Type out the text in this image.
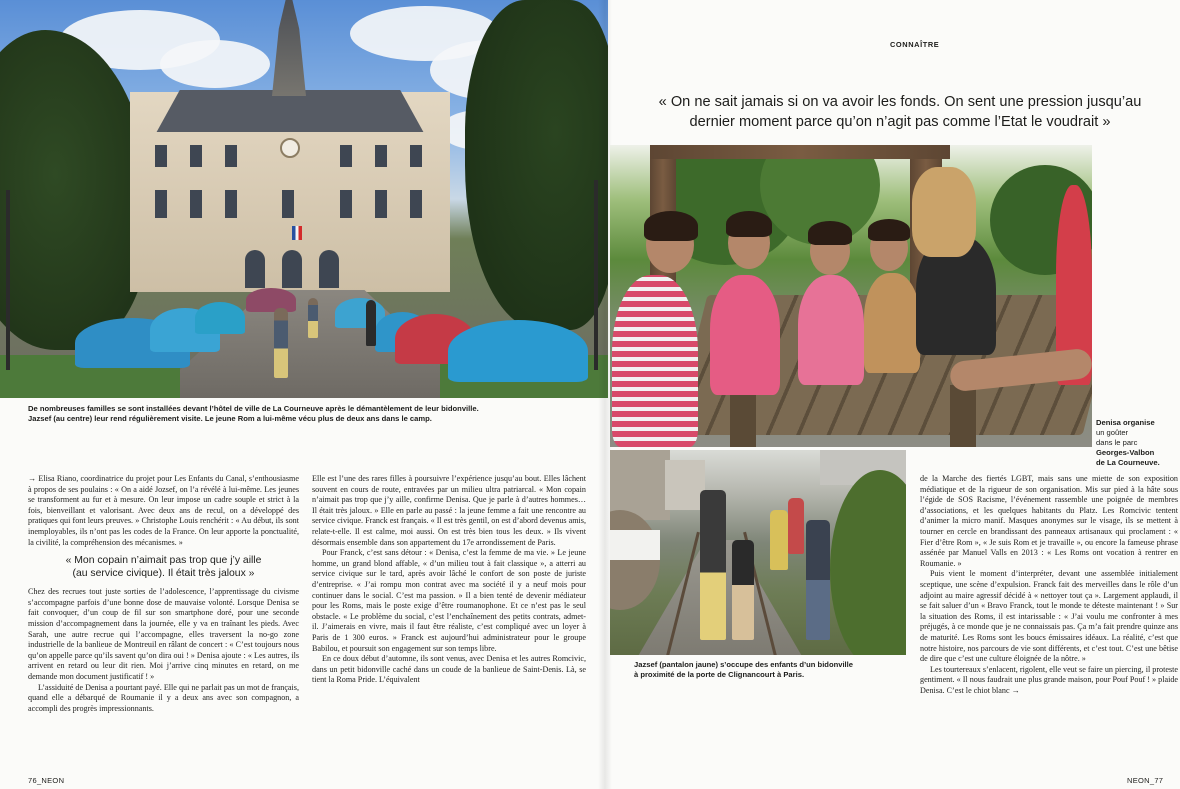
De nombreuses familles se sont installées devant l’hôtel de ville de La Courneuve après le démantèlement de leur bidonville.
Jazsef (au centre) leur rend régulièrement visite. Le jeune Rom a lui-même vécu plus de deux ans dans le camp.

→ Elisa Riano, coordinatrice du projet pour Les Enfants du Canal, s’enthousiasme à propos de ses poulains : « On a aidé Jozsef, on l’a révélé à lui-même. Les jeunes se transforment au fur et à mesure. On leur impose un cadre souple et strict à la fois, bienveillant et valorisant. Avec deux ans de recul, on a développé des pratiques qui font leurs preuves. » Christophe Louis renchérit : « Au début, ils sont inemployables, ils n’ont pas les codes de la France. On leur apporte la ponctualité, la civilité, la compréhension des mécanismes. »

« Mon copain n’aimait pas trop que j’y aille
(au service civique). Il était très jaloux »

Chez des recrues tout juste sorties de l’adolescence, l’apprentissage du civisme s’accompagne parfois d’une bonne dose de mauvaise volonté. Lorsque Denisa se fait convoquer, d’un coup de fil sur son smartphone doré, pour une seconde mission d’accompagnement dans la journée, elle y va en traînant les pieds. Avec Sarah, une autre recrue qui l’accompagne, elles traversent la no-go zone industrielle de la banlieue de Montreuil en râlant de concert : « C’est toujours nous qu’on appelle parce qu’ils savent qu’on dira oui ! » Denisa ajoute : « Les autres, ils arrivent en retard ou leur dit rien. Moi j’arrive cinq minutes en retard, on me demande mon document justificatif ! »

L’assiduité de Denisa a pourtant payé. Elle qui ne parlait pas un mot de français, quand elle a débarqué de Roumanie il y a deux ans avec son compagnon, a accompli des progrès impressionnants.

Elle est l’une des rares filles à poursuivre l’expérience jusqu’au bout. Elles lâchent souvent en cours de route, entravées par un milieu ultra patriarcal. « Mon copain n’aimait pas trop que j’y aille, confirme Denisa. Que je parle à d’autres hommes… Il était très jaloux. » Elle en parle au passé : la jeune femme a fait une rencontre au service civique. Franck est français. « Il est très gentil, on est d’abord devenus amis, relate-t-elle. Il est calme, moi aussi. On est très bien tous les deux. » Ils vivent désormais ensemble dans son appartement du 17e arrondissement de Paris.

Pour Franck, c’est sans détour : « Denisa, c’est la femme de ma vie. » Le jeune homme, un grand blond affable, « d’un milieu tout à fait classique », a atterri au service civique sur le tard, après avoir lâché le confort de son poste de juriste d’entreprise. « J’ai rompu mon contrat avec ma société il y a neuf mois pour continuer dans le social. C’est ma passion. » Il a bien tenté de devenir médiateur pour les Roms, mais le poste exige d’être roumanophone. Et ce n’est pas le seul obstacle. « Le problème du social, c’est l’enchaînement des petits contrats, admet-il. J’aimerais en vivre, mais il faut être réaliste, c’est compliqué avec un loyer à Paris de 1 300 euros. » Franck est aujourd’hui administrateur pour le groupe Babilou, et poursuit son engagement sur son temps libre.

En ce doux début d’automne, ils sont venus, avec Denisa et les autres Romcivic, dans un petit bidonville caché dans un coude de la banlieue de Saint-Denis. Là, se tient la Roma Pride. L’équivalent

76_NEON
CONNAÎTRE
« On ne sait jamais si on va avoir les fonds. On sent une pression jusqu’au
dernier moment parce qu’on n’agit pas comme l’Etat le voudrait »
Denisa organise
un goûter
dans le parc
Georges-Valbon
de La Courneuve.
Jazsef (pantalon jaune) s’occupe des enfants d’un bidonville
à proximité de la porte de Clignancourt à Paris.

de la Marche des fiertés LGBT, mais sans une miette de son exposition médiatique et de la rigueur de son organisation. Mis sur pied à la hâte sous l’égide de SOS Racisme, l’événement rassemble une poignée de membres d’associations, et les quelques habitants du Platz. Les Romcivic tentent d’animer la micro manif. Masques anonymes sur le visage, ils se mettent à tourner en cercle en brandissant des panneaux artisanaux qui proclament : « Fier d’être Rom », « Je suis Rom et je travaille », ou encore la fameuse phrase assénée par Manuel Valls en 2013 : « Les Roms ont vocation à rentrer en Roumanie. »

Puis vient le moment d’interpréter, devant une assemblée initialement sceptique, une scène d’expulsion. Franck fait des merveilles dans le rôle d’un adjoint au maire agressif décidé à « nettoyer tout ça ». Largement applaudi, il se fait saluer d’un « Bravo Franck, tout le monde te déteste maintenant ! » Sur la situation des Roms, il est intarissable : « J’ai voulu me confronter à mes préjugés, à ce monde que je ne connaissais pas. Ça m’a fait prendre quinze ans de maturité. Les Roms sont les boucs émissaires idéaux. La réalité, c’est que notre histoire, nos parcours de vie sont différents, et c’est tout. C’est une bêtise de dire que c’est une culture éloignée de la nôtre. »

Les tourtereaux s’enlacent, rigolent, elle veut se faire un piercing, il proteste gentiment. « Il nous faudrait une plus grande maison, pour Pouf Pouf ! » plaide Denisa. C’est le chiot blanc →

NEON_77
